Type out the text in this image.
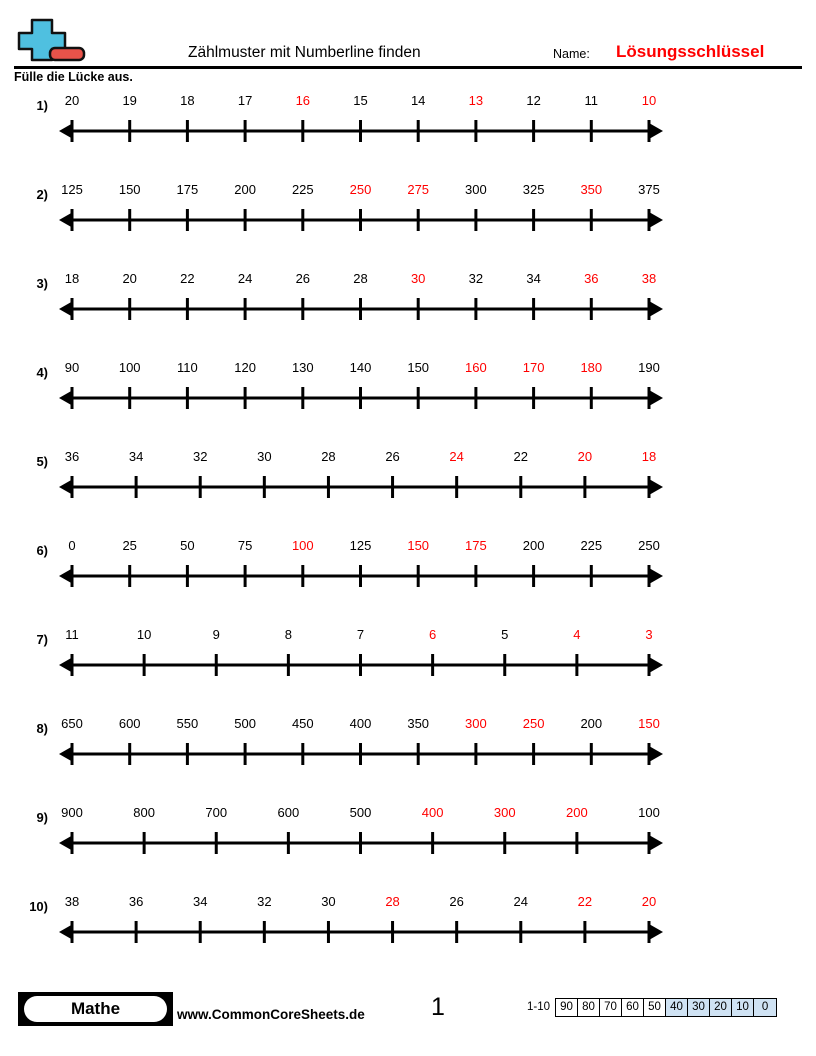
Zählmuster mit Numberline finden	Name: Lösungsschlüssel
Fülle die Lücke aus.
1) 20	19	18	17	16	15	14	13	12	11	10
2) 125	150	175	200	225	250	275	300	325	350	375
3) 18	20	22	24	26	28	30	32	34	36	38
4) 90	100	110	120	130	140	150	160	170	180	190
5) 36	34	32	30	28	26	24	22	20	18
6) 0	25	50	75	100	125	150	175	200	225	250
7) 11	10	9	8	7	6	5	4	3
8) 650	600	550	500	450	400	350	300	250	200	150
9) 900	800	700	600	500	400	300	200	100
10) 38	36	34	32	30	28	26	24	22	20
Mathe	www.CommonCoreSheets.de	1	1-10 90 80 70 60 50 40 30 20 10	0
